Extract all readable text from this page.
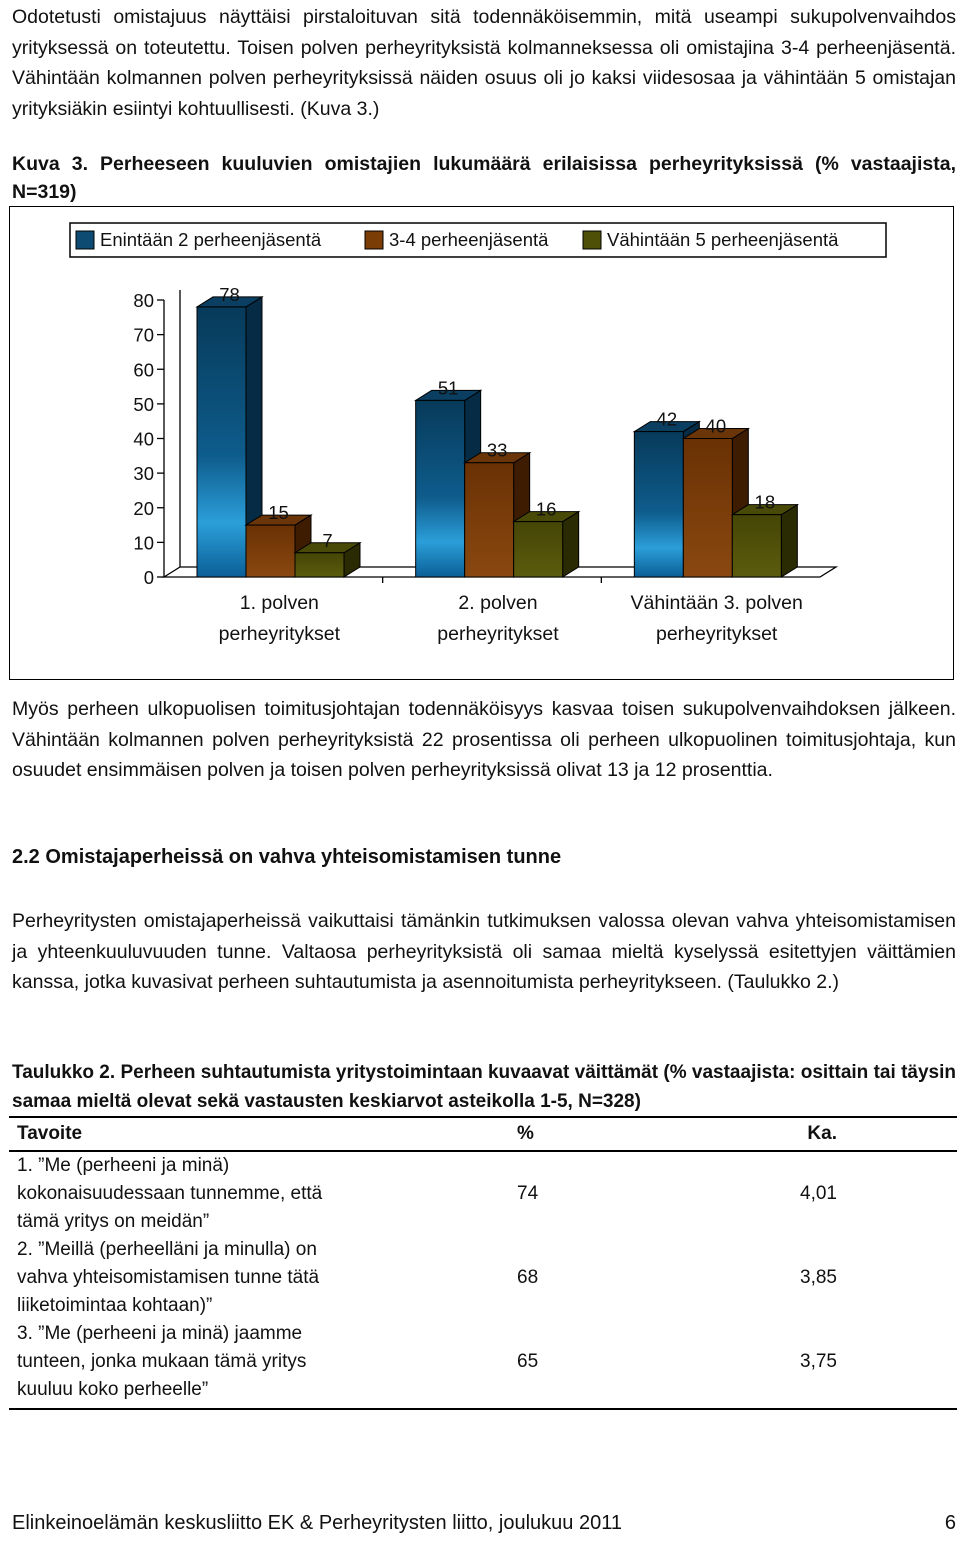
Odotetusti omistajuus näyttäisi pirstaloituvan sitä todennäköisemmin, mitä useampi sukupolvenvaihdos yrityksessä on toteutettu. Toisen polven perheyrityksistä kolmanneksessa oli omistajina 3-4 perheenjäsentä. Vähintään kolmannen polven perheyrityksissä näiden osuus oli jo kaksi viidesosaa ja vähintään 5 omistajan yrityksiäkin esiintyi kohtuullisesti. (Kuva 3.)

Kuva 3. Perheeseen kuuluvien omistajien lukumäärä erilaisissa perheyrityksissä (% vastaajista, N=319)

Enintään 2 perheenjäsentä	3-4 perheenjäsentä	Vähintään 5 perheenjäsentä
0
10
20
30
40
50
60
70
80	78
15
7
1. polven
perheyritykset
51
33
16
2. polven
perheyritykset
42 40
18
Vähintään 3. polven
perheyritykset

Myös perheen ulkopuolisen toimitusjohtajan todennäköisyys kasvaa toisen sukupolvenvaihdoksen jälkeen. Vähintään kolmannen polven perheyrityksistä 22 prosentissa oli perheen ulkopuolinen toimitusjohtaja, kun osuudet ensimmäisen polven ja toisen polven perheyrityksissä olivat 13 ja 12 prosenttia.

2.2 Omistajaperheissä on vahva yhteisomistamisen tunne

Perheyritysten omistajaperheissä vaikuttaisi tämänkin tutkimuksen valossa olevan vahva yhteisomistamisen ja yhteenkuuluvuuden tunne. Valtaosa perheyrityksistä oli samaa mieltä kyselyssä esitettyjen väittämien kanssa, jotka kuvasivat perheen suhtautumista ja asennoitumista perheyritykseen. (Taulukko 2.)

Taulukko 2. Perheen suhtautumista yritystoimintaan kuvaavat väittämät (% vastaajista: osittain tai täysin samaa mieltä olevat sekä vastausten keskiarvot asteikolla 1-5, N=328)

Tavoite	%	Ka.
1. ”Me (perheeni ja minä) kokonaisuudessaan tunnemme, että tämä yritys on meidän”	74	4,01
2. ”Meillä (perheelläni ja minulla) on vahva yhteisomistamisen tunne tätä liiketoimintaa kohtaan)”	68	3,85
3. ”Me (perheeni ja minä) jaamme tunteen, jonka mukaan tämä yritys kuuluu koko perheelle”	65	3,75
Elinkeinoelämän keskusliitto EK & Perheyritysten liitto, joulukuu 2011	6
